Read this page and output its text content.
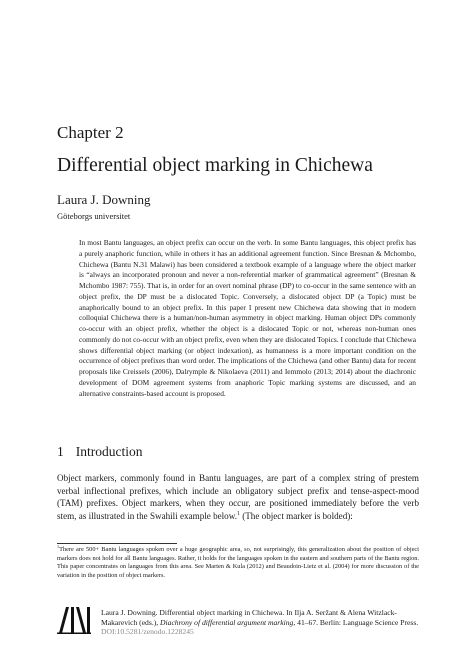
Chapter 2
Differential object marking in Chichewa
Laura J. Downing
Göteborgs universitet

In most Bantu languages, an object prefix can occur on the verb. In some Bantu languages, this object prefix has a purely anaphoric function, while in others it has an additional agreement function. Since Bresnan & Mchombo, Chichewa (Bantu N.31 Malawi) has been considered a textbook example of a language where the object marker is “always an incorporated pronoun and never a non-referential marker of grammatical agreement” (Bresnan & Mchombo 1987: 755). That is, in order for an overt nominal phrase (DP) to co-occur in the same sentence with an object prefix, the DP must be a dislocated Topic. Conversely, a dislocated object DP (a Topic) must be anaphorically bound to an object prefix. In this paper I present new Chichewa data showing that in modern colloquial Chichewa there is a human/non-human asymmetry in object marking. Human object DPs commonly co-occur with an object prefix, whether the object is a dislocated Topic or not, whereas non-human ones commonly do not co-occur with an object prefix, even when they are dislocated Topics. I conclude that Chichewa shows differential object marking (or object indexation), as humanness is a more important condition on the occurrence of object prefixes than word order. The implications of the Chichewa (and other Bantu) data for recent proposals like Creissels (2006), Dalrymple & Nikolaeva (2011) and Iemmolo (2013; 2014) about the diachronic development of DOM agreement systems from anaphoric Topic marking systems are discussed, and an alternative constraints-based account is proposed.

1 Introduction

Object markers, commonly found in Bantu languages, are part of a complex string of prestem verbal inflectional prefixes, which include an obligatory subject prefix and tense-aspect-mood (TAM) prefixes. Object markers, when they occur, are positioned immediately before the verb stem, as illustrated in the Swahili example below.$^1$ (The object marker is bolded):

$^1$There are 500+ Bantu languages spoken over a huge geographic area, so, not surprisingly, this generalization about the position of object markers does not hold for all Bantu languages. Rather, it holds for the languages spoken in the eastern and southern parts of the Bantu region. This paper concentrates on languages from this area. See Marten & Kula (2012) and Beaudoin-Lietz et al. (2004) for more discussion of the variation in the position of object markers.

Laura J. Downing. Differential object marking in Chichewa. In Ilja A. Seržant & Alena Witzlack-Makarevich (eds.), Diachrony of differential argument marking, 41–67. Berlin: Language Science Press. DOI:10.5281/zenodo.1228245
